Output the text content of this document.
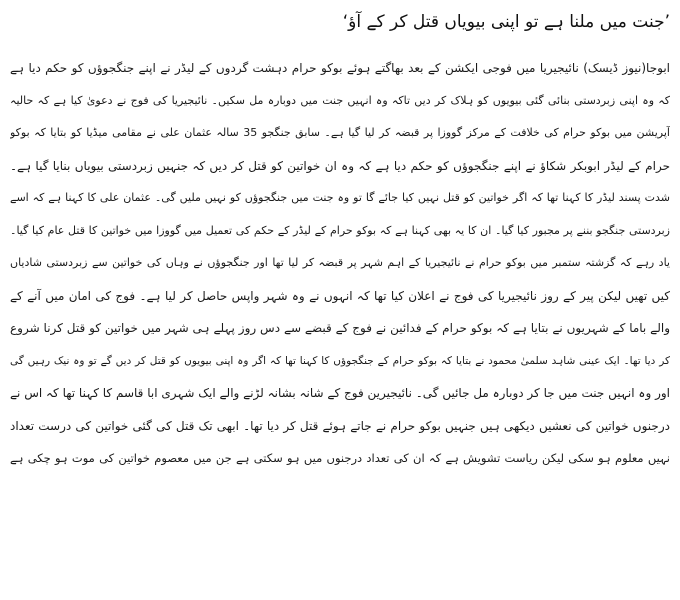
’جنت میں ملنا ہے تو اپنی بیویاں قتل کر کے آؤ‘
ابوجا(نیوز ڈیسک) نائیجیریا میں فوجی ایکشن کے بعد بھاگتے ہوئے بوکو حرام دہشت گردوں کے لیڈر نے اپنے جنگجوؤں کو حکم دیا ہے
کہ وہ اپنی زبردستی بنائی گئی بیویوں کو ہلاک کر دیں تاکہ وہ انہیں جنت میں دوبارہ مل سکیں۔ نائیجیریا کی فوج نے دعویٰ کیا ہے کہ حالیہ
آپریشن میں بوکو حرام کی خلافت کے مرکز گووزا پر قبضہ کر لیا گیا ہے۔ سابق جنگجو 35 سالہ عثمان علی نے مقامی میڈیا کو بتایا کہ بوکو
حرام کے لیڈر ابوبکر شکاؤ نے اپنے جنگجوؤں کو حکم دیا ہے کہ وہ ان خواتین کو قتل کر دیں کہ جنہیں زبردستی بیویاں بنایا گیا ہے۔
شدت پسند لیڈر کا کہنا تھا کہ اگر خواتین کو قتل نہیں کیا جائے گا تو وہ جنت میں جنگجوؤں کو نہیں ملیں گی۔ عثمان علی کا کہنا ہے کہ اسے
زبردستی جنگجو بننے پر مجبور کیا گیا۔ ان کا یہ بھی کہنا ہے کہ بوکو حرام کے لیڈر کے حکم کی تعمیل میں گووزا میں خواتین کا قتل عام کیا گیا۔
یاد رہے کہ گزشتہ ستمبر میں بوکو حرام نے نائیجیریا کے اہم شہر پر قبضہ کر لیا تھا اور جنگجوؤں نے وہاں کی خواتین سے زبردستی شادیاں
کیں تھیں لیکن پیر کے روز نائیجیریا کی فوج نے اعلان کیا تھا کہ انہوں نے وہ شہر واپس حاصل کر لیا ہے۔ فوج کی امان میں آنے کے
والے باما کے شہریوں نے بتایا ہے کہ بوکو حرام کے فدائین نے فوج کے قبضے سے دس روز پہلے ہی شہر میں خواتین کو قتل کرنا شروع
کر دیا تھا۔ ایک عینی شاہد سلمیٰ محمود نے بتایا کہ بوکو حرام کے جنگجوؤں کا کہنا تھا کہ اگر وہ اپنی بیویوں کو قتل کر دیں گے تو وہ نیک رہیں گی
اور وہ انہیں جنت میں جا کر دوبارہ مل جائیں گی۔ نائیجیرین فوج کے شانہ بشانہ لڑنے والے ایک شہری ابا قاسم کا کہنا تھا کہ اس نے
درجنوں خواتین کی نعشیں دیکھی ہیں جنہیں بوکو حرام نے جاتے ہوئے قتل کر دیا تھا۔ ابھی تک قتل کی گئی خواتین کی درست تعداد
نہیں معلوم ہو سکی لیکن ریاست تشویش ہے کہ ان کی تعداد درجنوں میں ہو سکتی ہے جن میں معصوم خواتین کی موت ہو چکی ہے
